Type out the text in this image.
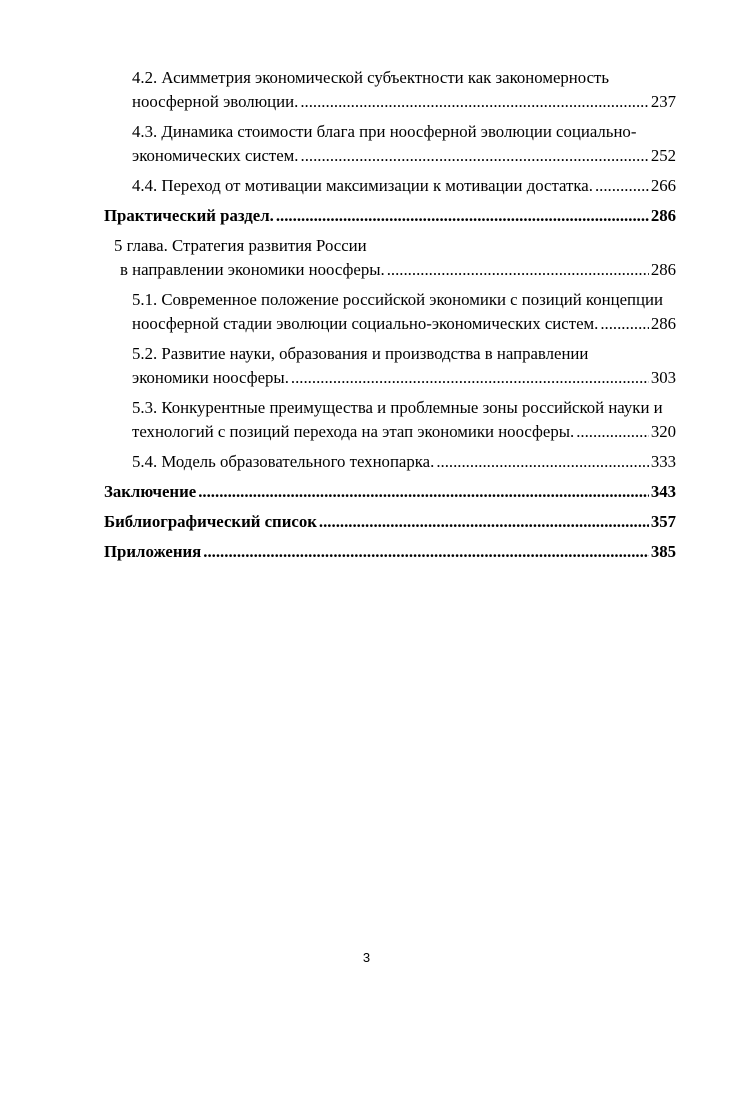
4.2. Асимметрия экономической субъектности как закономерность
ноосферной эволюции. .....	237
4.3. Динамика стоимости блага при ноосферной эволюции социально-
экономических систем. .....	252
4.4. Переход от мотивации максимизации к мотивации достатка. .....	266
Практический раздел. .....	286
5 глава. Стратегия развития России
в направлении экономики ноосферы. .....	286
5.1. Современное положение российской экономики с позиций концепции
ноосферной стадии эволюции социально-экономических систем. .....	286
5.2. Развитие науки, образования и производства в направлении
экономики ноосферы. .....	303
5.3. Конкурентные преимущества и проблемные зоны российской науки и
технологий с позиций перехода на этап экономики ноосферы. .....	320
5.4. Модель образовательного технопарка. .....	333
Заключение .....	343
Библиографический список .....	357
Приложения .....	385
3
